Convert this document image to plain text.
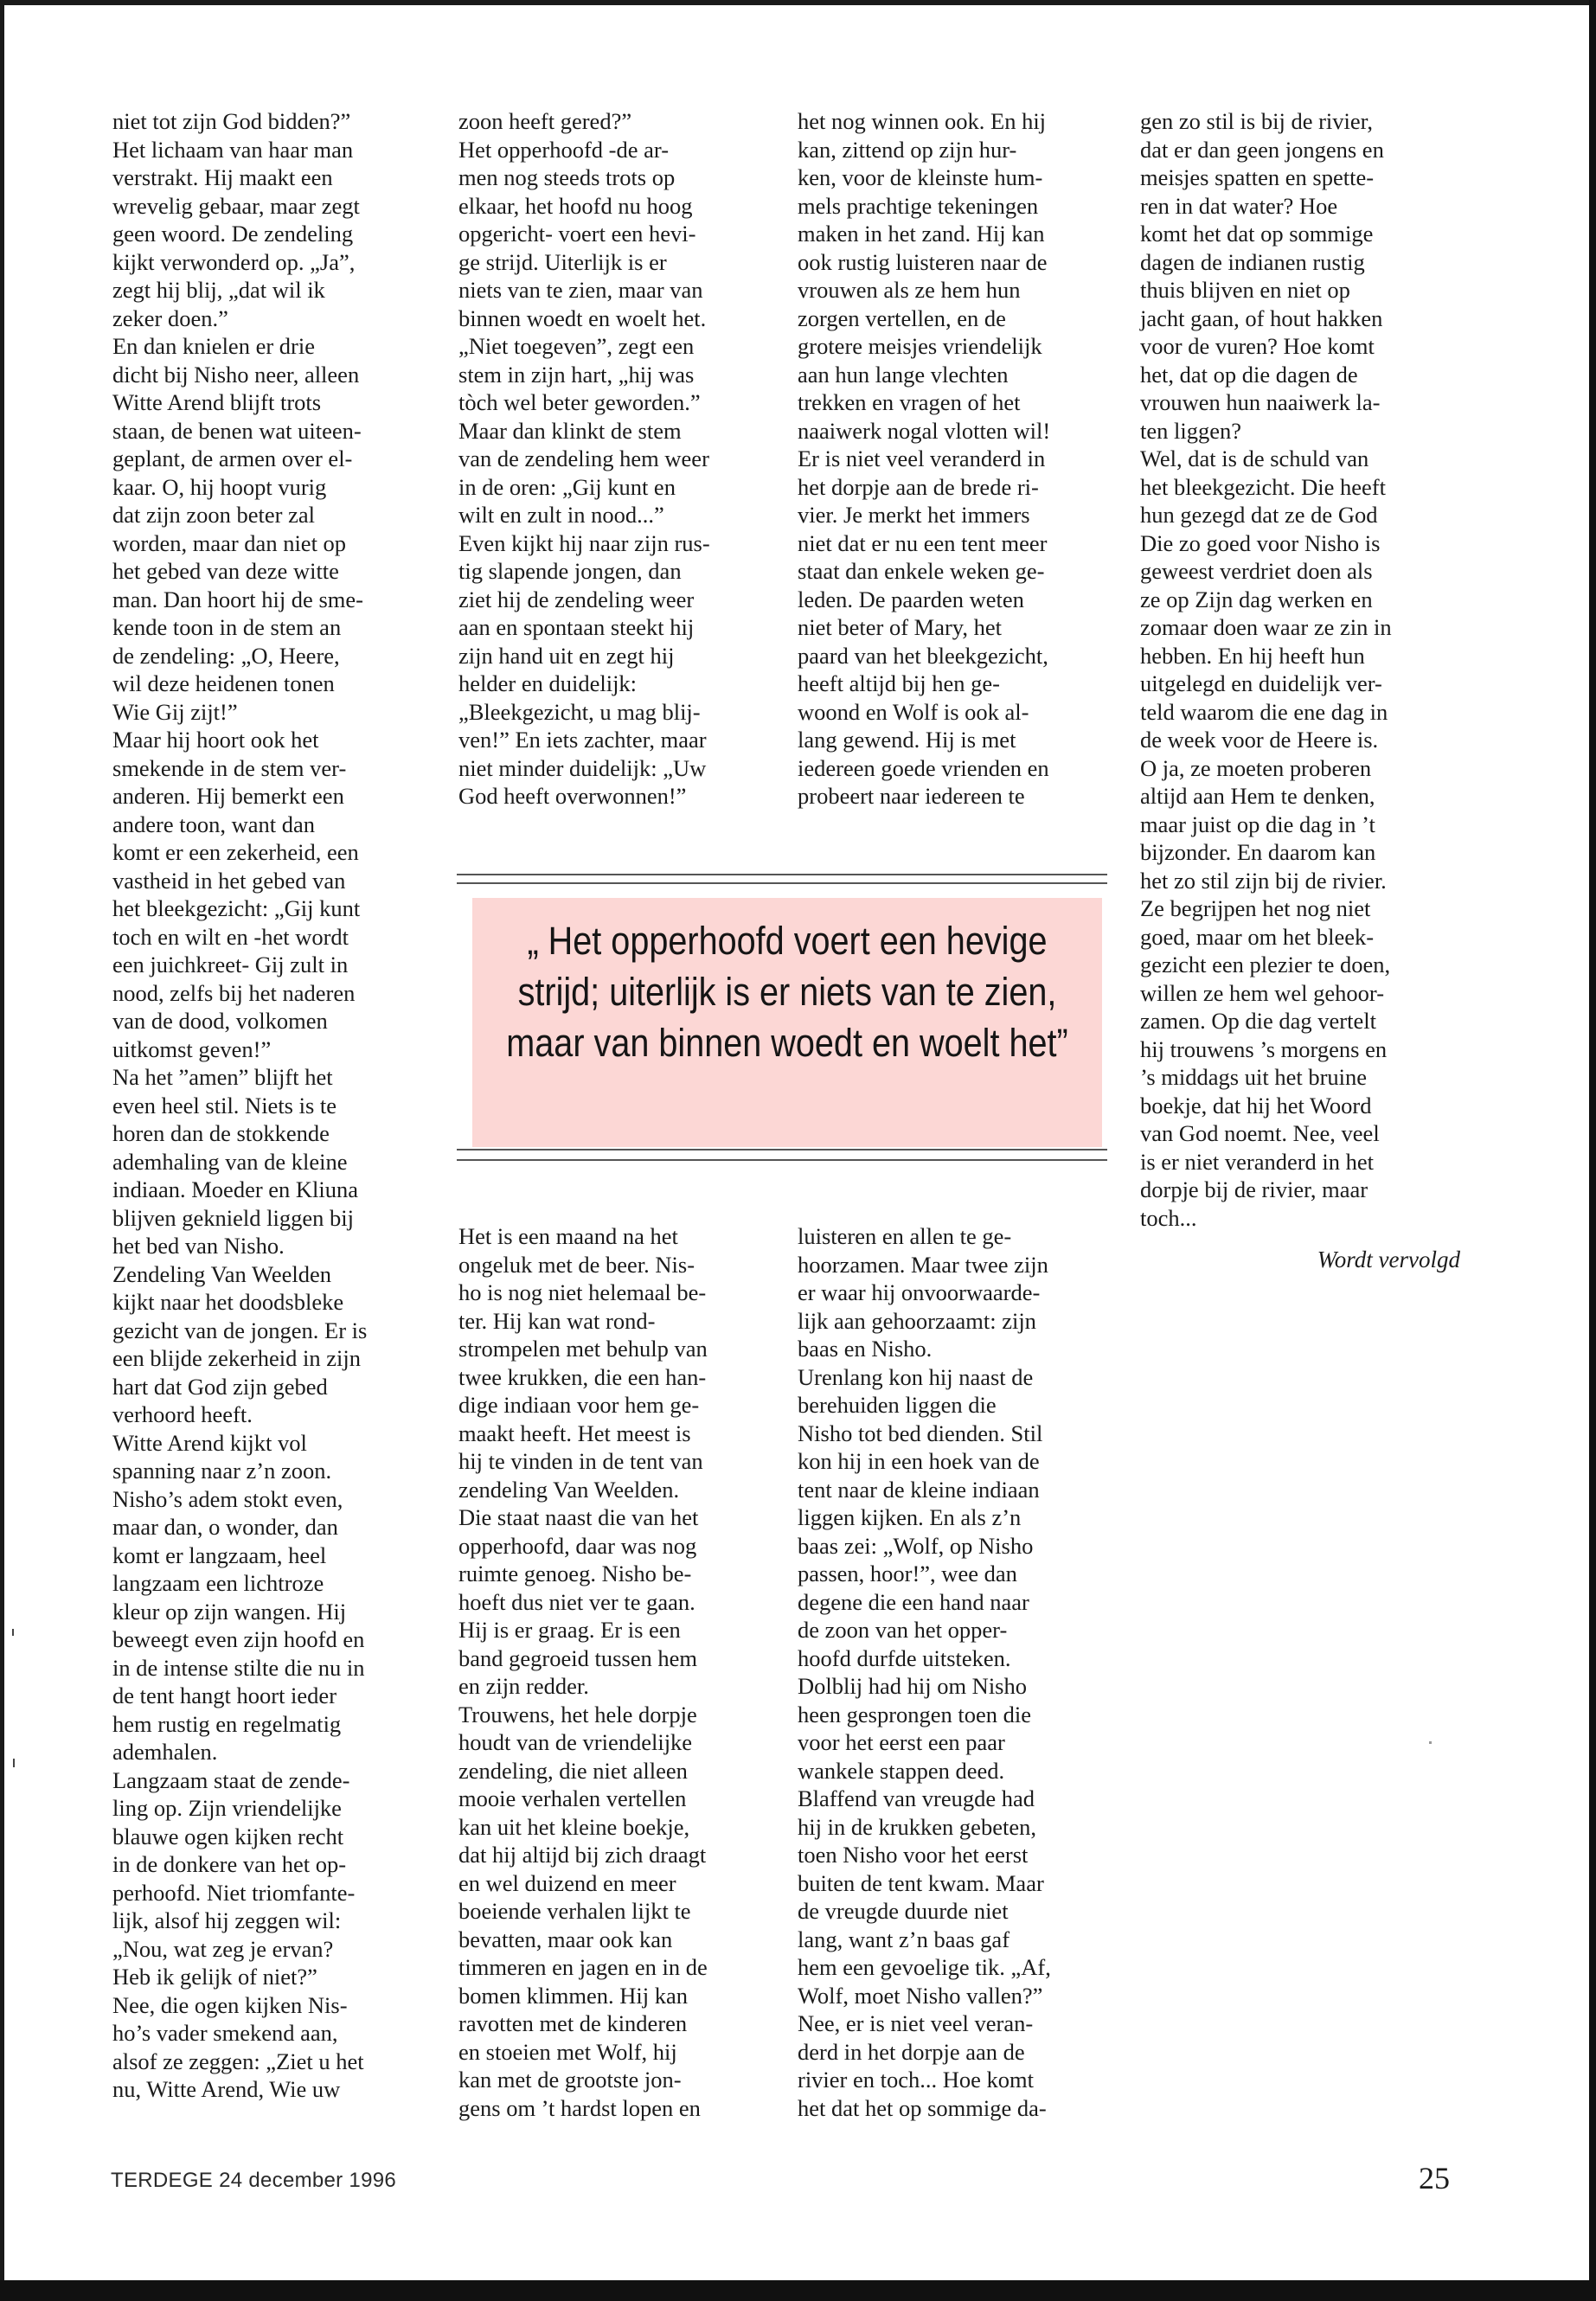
niet tot zijn God bidden?”
Het lichaam van haar man
verstrakt. Hij maakt een
wrevelig gebaar, maar zegt
geen woord. De zendeling
kijkt verwonderd op. „Ja”,
zegt hij blij, „dat wil ik
zeker doen.”
En dan knielen er drie
dicht bij Nisho neer, alleen
Witte Arend blijft trots
staan, de benen wat uiteen-
geplant, de armen over el-
kaar. O, hij hoopt vurig
dat zijn zoon beter zal
worden, maar dan niet op
het gebed van deze witte
man. Dan hoort hij de sme-
kende toon in de stem an
de zendeling: „O, Heere,
wil deze heidenen tonen
Wie Gij zijt!”
Maar hij hoort ook het
smekende in de stem ver-
anderen. Hij bemerkt een
andere toon, want dan
komt er een zekerheid, een
vastheid in het gebed van
het bleekgezicht: „Gij kunt
toch en wilt en -het wordt
een juichkreet- Gij zult in
nood, zelfs bij het naderen
van de dood, volkomen
uitkomst geven!”
Na het ”amen” blijft het
even heel stil. Niets is te
horen dan de stokkende
ademhaling van de kleine
indiaan. Moeder en Kliuna
blijven geknield liggen bij
het bed van Nisho.
Zendeling Van Weelden
kijkt naar het doodsbleke
gezicht van de jongen. Er is
een blijde zekerheid in zijn
hart dat God zijn gebed
verhoord heeft.
Witte Arend kijkt vol
spanning naar z’n zoon.
Nisho’s adem stokt even,
maar dan, o wonder, dan
komt er langzaam, heel
langzaam een lichtroze
kleur op zijn wangen. Hij
beweegt even zijn hoofd en
in de intense stilte die nu in
de tent hangt hoort ieder
hem rustig en regelmatig
ademhalen.
Langzaam staat de zende-
ling op. Zijn vriendelijke
blauwe ogen kijken recht
in de donkere van het op-
perhoofd. Niet triomfante-
lijk, alsof hij zeggen wil:
„Nou, wat zeg je ervan?
Heb ik gelijk of niet?”
Nee, die ogen kijken Nis-
ho’s vader smekend aan,
alsof ze zeggen: „Ziet u het
nu, Witte Arend, Wie uw

zoon heeft gered?”
Het opperhoofd -de ar-
men nog steeds trots op
elkaar, het hoofd nu hoog
opgericht- voert een hevi-
ge strijd. Uiterlijk is er
niets van te zien, maar van
binnen woedt en woelt het.
„Niet toegeven”, zegt een
stem in zijn hart, „hij was
tòch wel beter geworden.”
Maar dan klinkt de stem
van de zendeling hem weer
in de oren: „Gij kunt en
wilt en zult in nood...”
Even kijkt hij naar zijn rus-
tig slapende jongen, dan
ziet hij de zendeling weer
aan en spontaan steekt hij
zijn hand uit en zegt hij
helder en duidelijk:
„Bleekgezicht, u mag blij-
ven!” En iets zachter, maar
niet minder duidelijk: „Uw
God heeft overwonnen!”

het nog winnen ook. En hij
kan, zittend op zijn hur-
ken, voor de kleinste hum-
mels prachtige tekeningen
maken in het zand. Hij kan
ook rustig luisteren naar de
vrouwen als ze hem hun
zorgen vertellen, en de
grotere meisjes vriendelijk
aan hun lange vlechten
trekken en vragen of het
naaiwerk nogal vlotten wil!
Er is niet veel veranderd in
het dorpje aan de brede ri-
vier. Je merkt het immers
niet dat er nu een tent meer
staat dan enkele weken ge-
leden. De paarden weten
niet beter of Mary, het
paard van het bleekgezicht,
heeft altijd bij hen ge-
woond en Wolf is ook al-
lang gewend. Hij is met
iedereen goede vrienden en
probeert naar iedereen te

gen zo stil is bij de rivier,
dat er dan geen jongens en
meisjes spatten en spette-
ren in dat water? Hoe
komt het dat op sommige
dagen de indianen rustig
thuis blijven en niet op
jacht gaan, of hout hakken
voor de vuren? Hoe komt
het, dat op die dagen de
vrouwen hun naaiwerk la-
ten liggen?
Wel, dat is de schuld van
het bleekgezicht. Die heeft
hun gezegd dat ze de God
Die zo goed voor Nisho is
geweest verdriet doen als
ze op Zijn dag werken en
zomaar doen waar ze zin in
hebben. En hij heeft hun
uitgelegd en duidelijk ver-
teld waarom die ene dag in
de week voor de Heere is.
O ja, ze moeten proberen
altijd aan Hem te denken,
maar juist op die dag in ’t
bijzonder. En daarom kan
het zo stil zijn bij de rivier.
Ze begrijpen het nog niet
goed, maar om het bleek-
gezicht een plezier te doen,
willen ze hem wel gehoor-
zamen. Op die dag vertelt
hij trouwens ’s morgens en
’s middags uit het bruine
boekje, dat hij het Woord
van God noemt. Nee, veel
is er niet veranderd in het
dorpje bij de rivier, maar
toch...

Wordt vervolgd

„ Het opperhoofd voert een hevige strijd; uiterlijk is er niets van te zien, maar van binnen woedt en woelt het”

Het is een maand na het
ongeluk met de beer. Nis-
ho is nog niet helemaal be-
ter. Hij kan wat rond-
strompelen met behulp van
twee krukken, die een han-
dige indiaan voor hem ge-
maakt heeft. Het meest is
hij te vinden in de tent van
zendeling Van Weelden.
Die staat naast die van het
opperhoofd, daar was nog
ruimte genoeg. Nisho be-
hoeft dus niet ver te gaan.
Hij is er graag. Er is een
band gegroeid tussen hem
en zijn redder.
Trouwens, het hele dorpje
houdt van de vriendelijke
zendeling, die niet alleen
mooie verhalen vertellen
kan uit het kleine boekje,
dat hij altijd bij zich draagt
en wel duizend en meer
boeiende verhalen lijkt te
bevatten, maar ook kan
timmeren en jagen en in de
bomen klimmen. Hij kan
ravotten met de kinderen
en stoeien met Wolf, hij
kan met de grootste jon-
gens om ’t hardst lopen en

luisteren en allen te ge-
hoorzamen. Maar twee zijn
er waar hij onvoorwaarde-
lijk aan gehoorzaamt: zijn
baas en Nisho.
Urenlang kon hij naast de
berehuiden liggen die
Nisho tot bed dienden. Stil
kon hij in een hoek van de
tent naar de kleine indiaan
liggen kijken. En als z’n
baas zei: „Wolf, op Nisho
passen, hoor!”, wee dan
degene die een hand naar
de zoon van het opper-
hoofd durfde uitsteken.
Dolblij had hij om Nisho
heen gesprongen toen die
voor het eerst een paar
wankele stappen deed.
Blaffend van vreugde had
hij in de krukken gebeten,
toen Nisho voor het eerst
buiten de tent kwam. Maar
de vreugde duurde niet
lang, want z’n baas gaf
hem een gevoelige tik. „Af,
Wolf, moet Nisho vallen?”
Nee, er is niet veel veran-
derd in het dorpje aan de
rivier en toch... Hoe komt
het dat het op sommige da-

TERDEGE 24 december 1996	25
